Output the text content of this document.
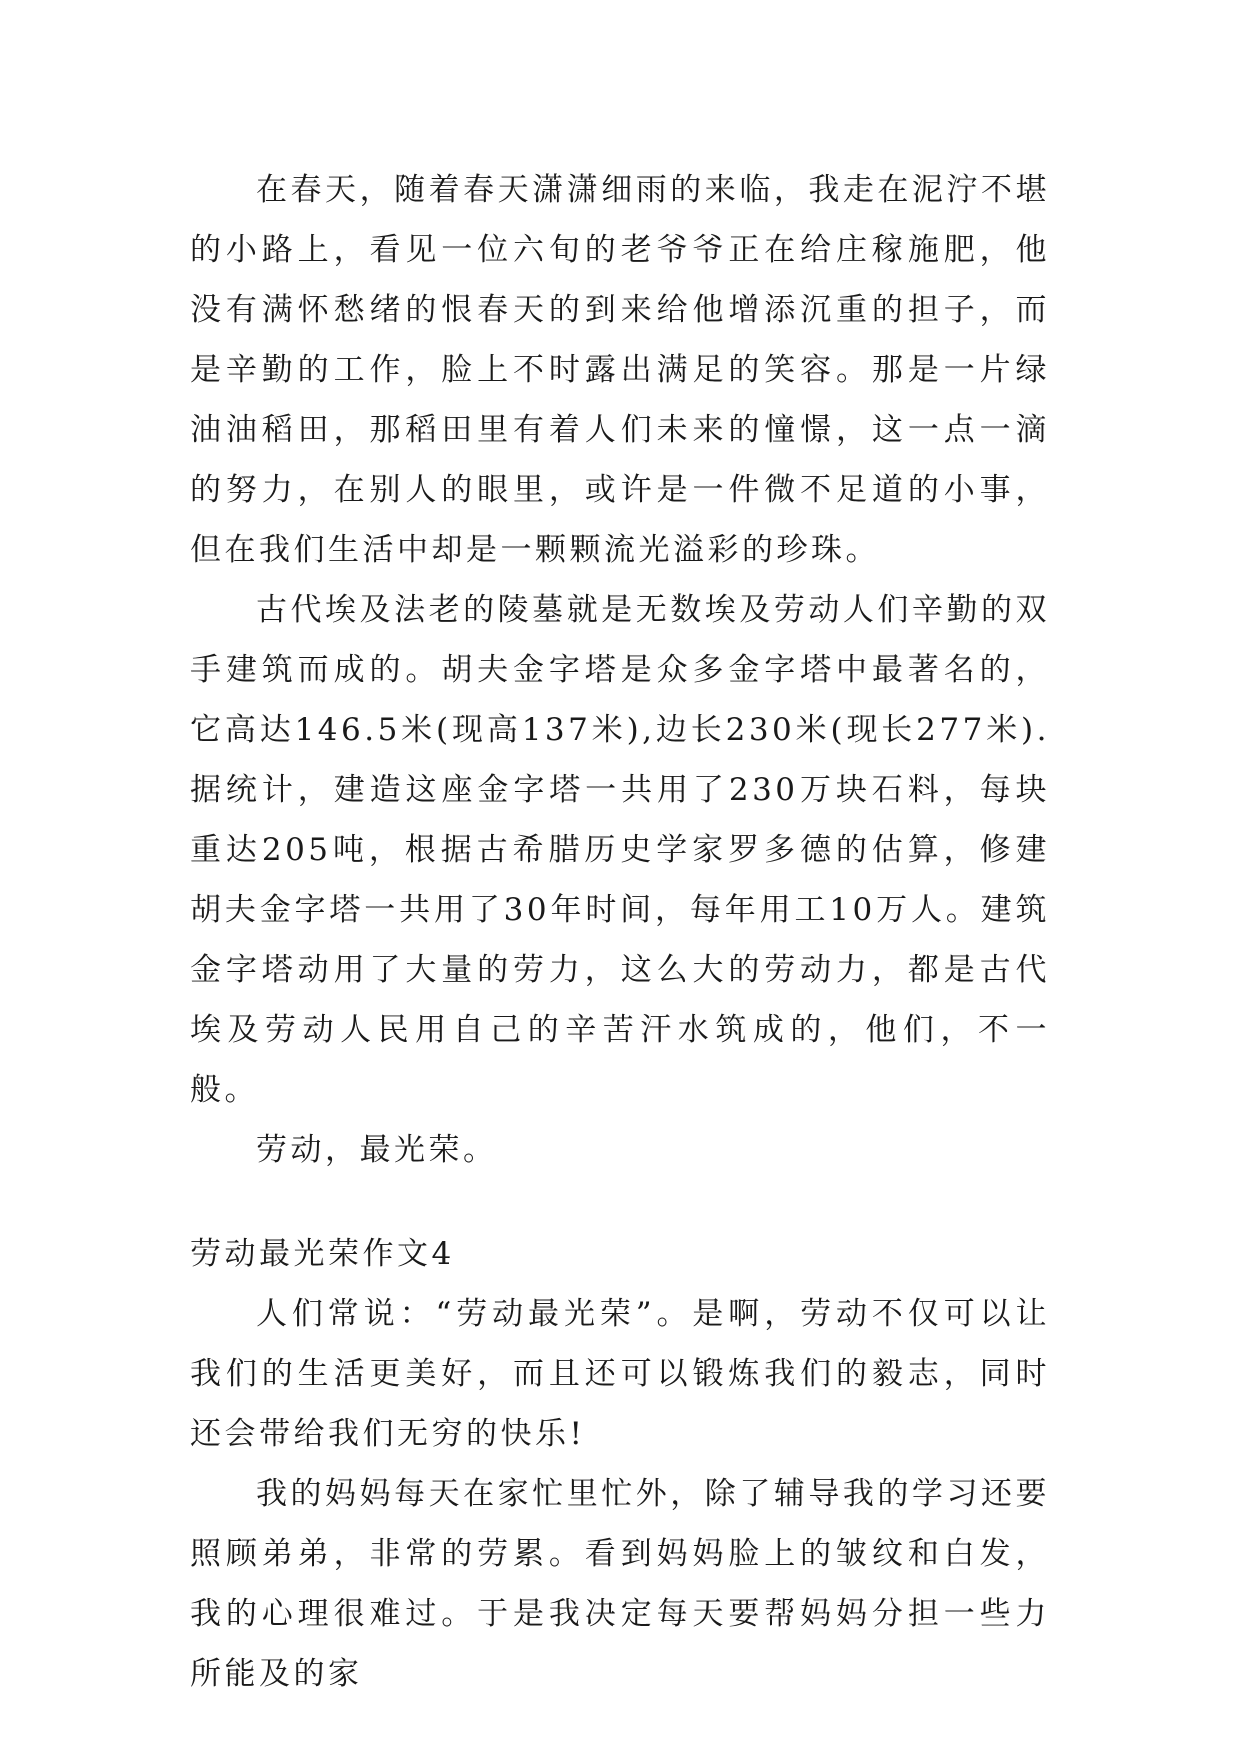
在春天，随着春天潇潇细雨的来临，我走在泥泞不堪的小路上，看见一位六旬的老爷爷正在给庄稼施肥，他没有满怀愁绪的恨春天的到来给他增添沉重的担子，而是辛勤的工作，脸上不时露出满足的笑容。那是一片绿油油稻田，那稻田里有着人们未来的憧憬，这一点一滴的努力，在别人的眼里，或许是一件微不足道的小事，但在我们生活中却是一颗颗流光溢彩的珍珠。

古代埃及法老的陵墓就是无数埃及劳动人们辛勤的双手建筑而成的。胡夫金字塔是众多金字塔中最著名的，它高达146.5米(现高137米),边长230米(现长277米).据统计，建造这座金字塔一共用了230万块石料，每块重达205吨，根据古希腊历史学家罗多德的估算，修建胡夫金字塔一共用了30年时间，每年用工10万人。建筑金字塔动用了大量的劳力，这么大的劳动力，都是古代埃及劳动人民用自己的辛苦汗水筑成的，他们，不一般。

劳动，最光荣。

劳动最光荣作文4

人们常说：“劳动最光荣”。是啊，劳动不仅可以让我们的生活更美好，而且还可以锻炼我们的毅志，同时还会带给我们无穷的快乐!

我的妈妈每天在家忙里忙外，除了辅导我的学习还要照顾弟弟，非常的劳累。看到妈妈脸上的皱纹和白发，我的心理很难过。于是我决定每天要帮妈妈分担一些力所能及的家
